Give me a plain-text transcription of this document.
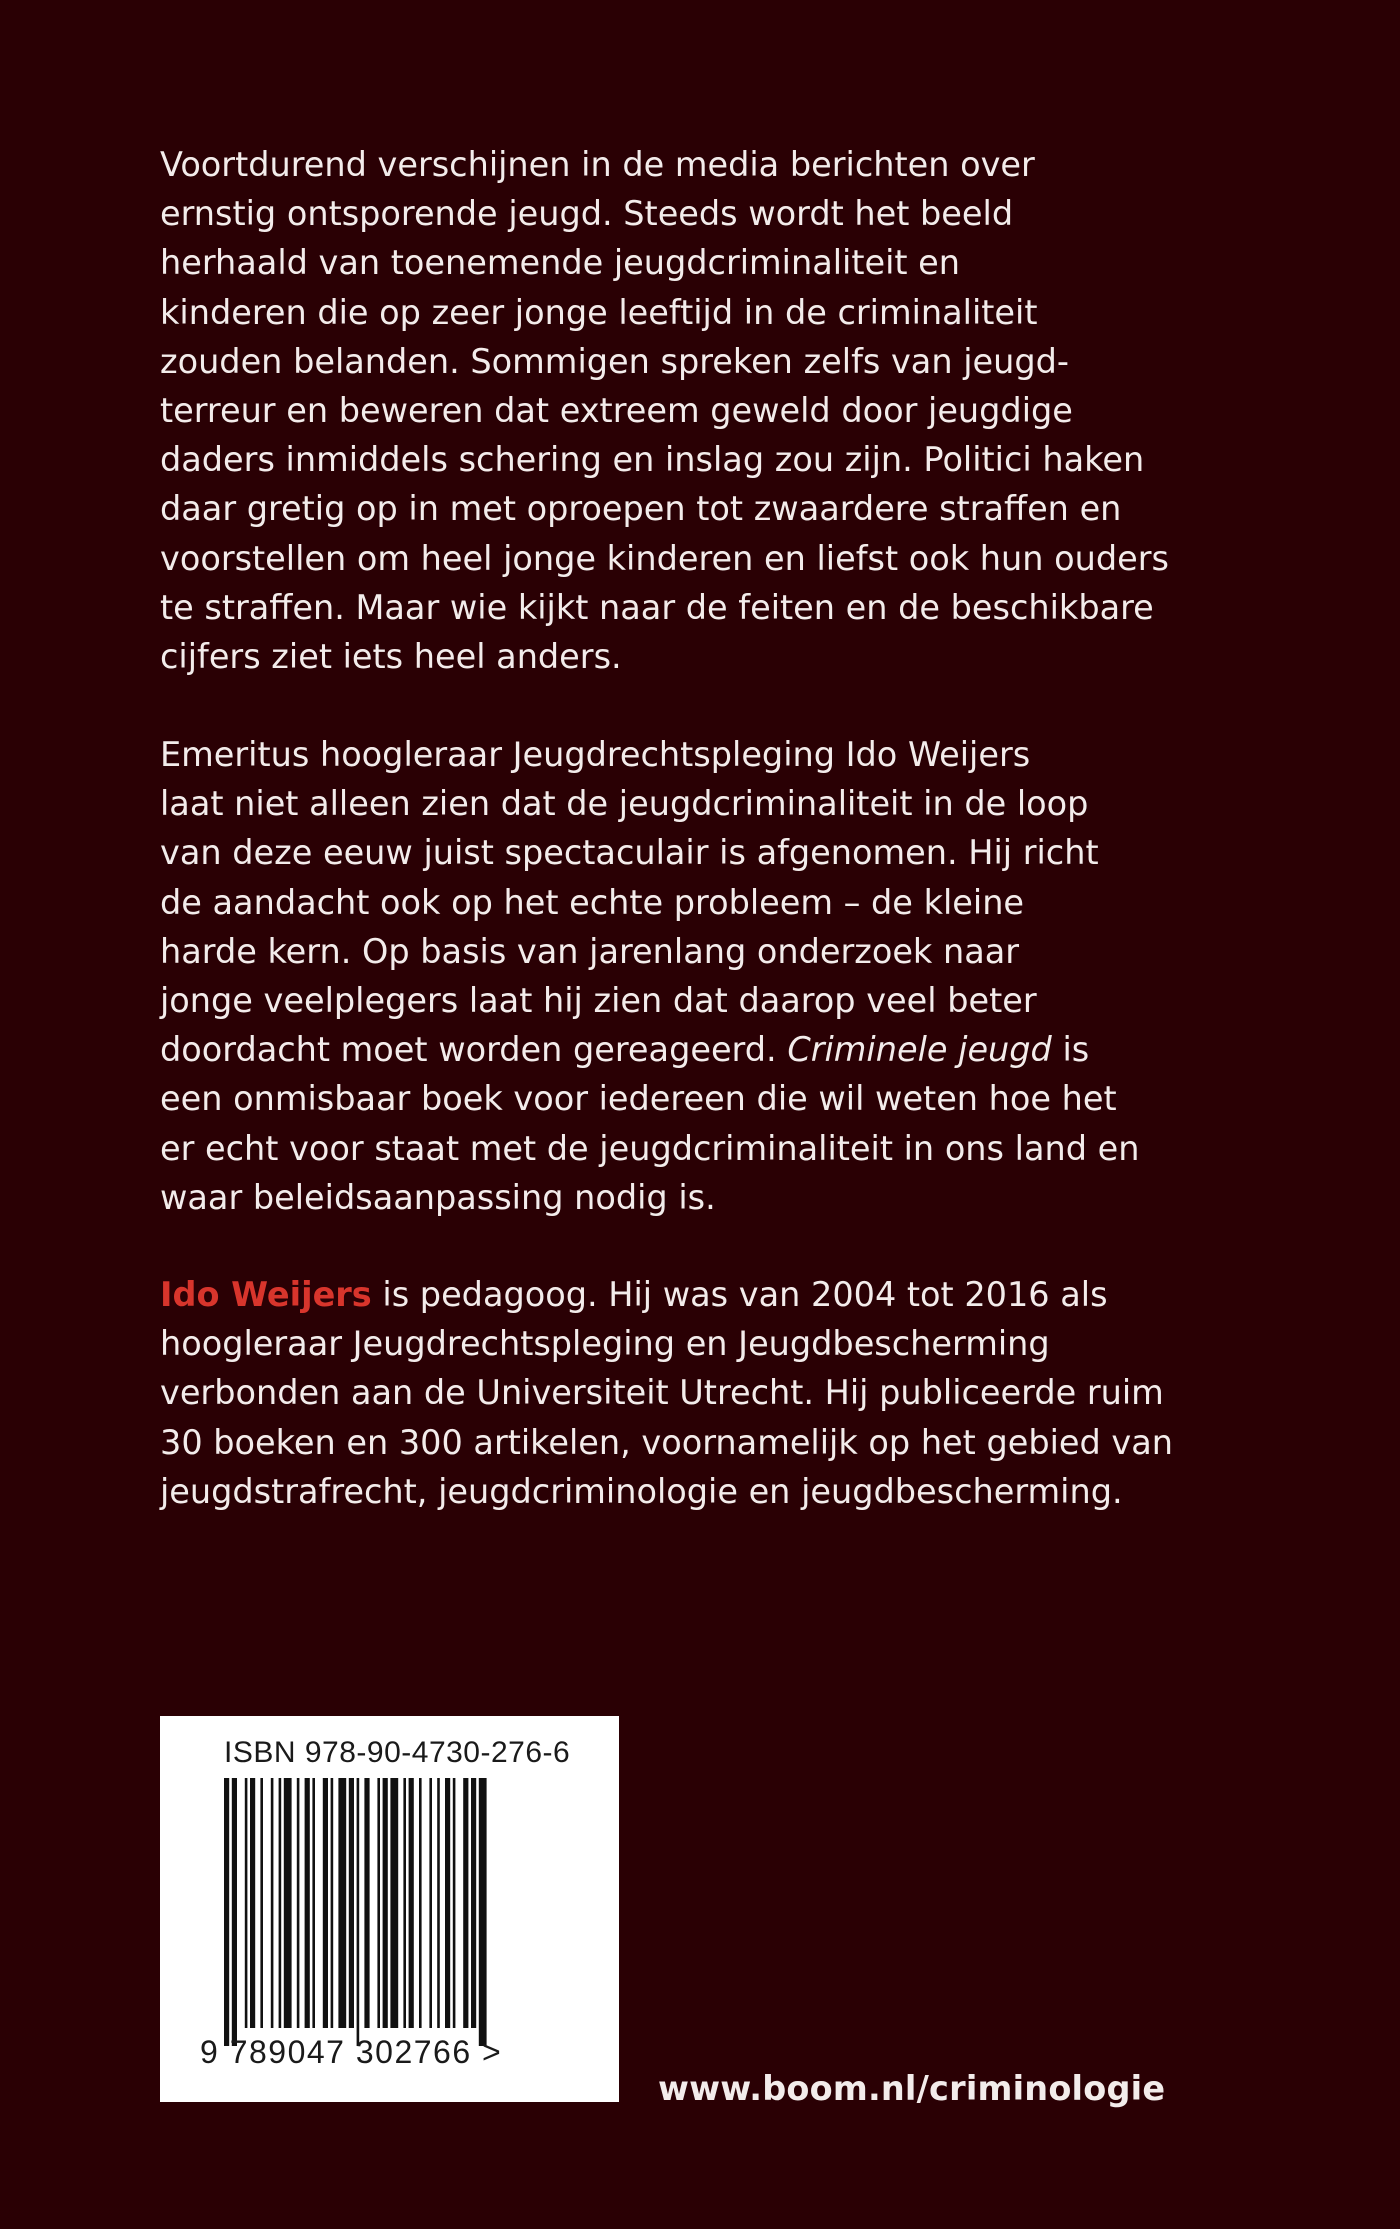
Voortdurend verschijnen in de media berichten over

ernstig ontsporende jeugd. Steeds wordt het beeld

herhaald van toenemende jeugdcriminaliteit en

kinderen die op zeer jonge leeftijd in de criminaliteit

zouden belanden. Sommigen spreken zelfs van jeugd-

terreur en beweren dat extreem geweld door jeugdige

daders inmiddels schering en inslag zou zijn. Politici haken

daar gretig op in met oproepen tot zwaardere straffen en

voorstellen om heel jonge kinderen en liefst ook hun ouders

te straffen. Maar wie kijkt naar de feiten en de beschikbare

cijfers ziet iets heel anders.

Emeritus hoogleraar Jeugdrechtspleging Ido Weijers

laat niet alleen zien dat de jeugdcriminaliteit in de loop

van deze eeuw juist spectaculair is afgenomen. Hij richt

de aandacht ook op het echte probleem – de kleine

harde kern. Op basis van jarenlang onderzoek naar

jonge veelplegers laat hij zien dat daarop veel beter

doordacht moet worden gereageerd. Criminele jeugd is

een onmisbaar boek voor iedereen die wil weten hoe het

er echt voor staat met de jeugdcriminaliteit in ons land en

waar beleidsaanpassing nodig is.

Ido Weijers is pedagoog. Hij was van 2004 tot 2016 als

hoogleraar Jeugdrechtspleging en Jeugdbescherming

verbonden aan de Universiteit Utrecht. Hij publiceerde ruim

30 boeken en 300 artikelen, voornamelijk op het gebied van

jeugdstrafrecht, jeugdcriminologie en jeugdbescherming.

ISBN 978-90-4730-276-6
9 789047 302766 >
www.boom.nl/criminologie
